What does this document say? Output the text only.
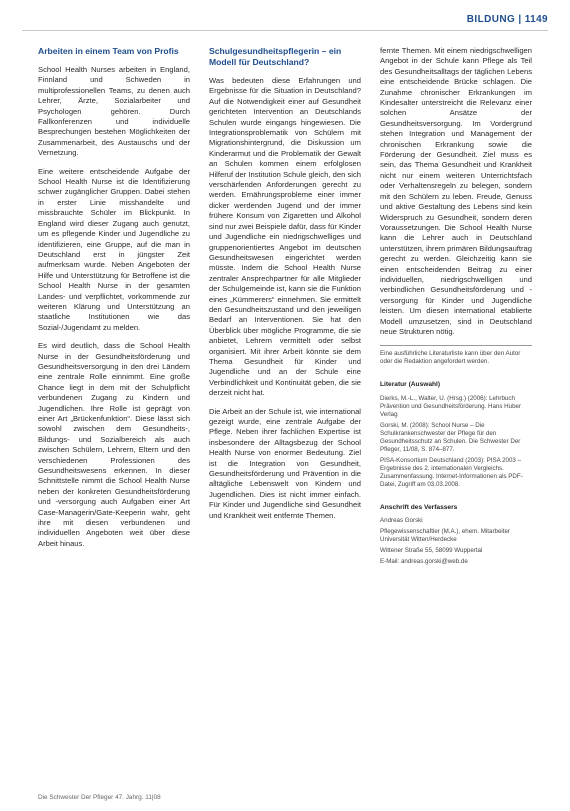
BILDUNG | 1149
Arbeiten in einem Team von Profis
School Health Nurses arbeiten in England, Finnland und Schweden in multiprofessionellen Teams, zu denen auch Lehrer, Ärzte, Sozialarbeiter und Psychologen gehören. Durch Fallkonferenzen und individuelle Besprechungen bestehen Möglichkeiten der Zusammenarbeit, des Austauschs und der Vernetzung.
Eine weitere entscheidende Aufgabe der School Health Nurse ist die Identifizierung schwer zugänglicher Gruppen. Dabei stehen in erster Linie misshandelte und missbrauchte Schüler im Blickpunkt. In England wird dieser Zugang auch genutzt, um es pflegende Kinder und Jugendliche zu identifizieren, eine Gruppe, auf die man in Deutschland erst in jüngster Zeit aufmerksam wurde. Neben Angeboten der Hilfe und Unterstützung für Betroffene ist die School Health Nurse in der gesamten Landes- und verpflichtet, vorkommende zur weiteren Klärung und Unterstützung an staatliche Institutionen wie das Sozial-/Jugendamt zu melden.
Es wird deutlich, dass die School Health Nurse in der Gesundheitsförderung und Gesundheitsversorgung in den drei Ländern eine zentrale Rolle einnimmt. Eine große Chance liegt in dem mit der Schulpflicht verbundenen Zugang zu Kindern und Jugendlichen. Ihre Rolle ist geprägt von einer Art „Brückenfunktion“. Diese lässt sich sowohl zwischen dem Gesundheits-, Bildungs- und Sozialbereich als auch zwischen Schülern, Lehrern, Eltern und den verschiedenen Professionen des Gesundheitswesens erkennen. In dieser Schnittstelle nimmt die School Health Nurse neben der konkreten Gesundheitsförderung und -versorgung auch Aufgaben einer Art Case-Managerin/Gate-Keeperin wahr, geht ihre mit diesen verbundenen und individuellen Angeboten weit über diese Arbeit hinaus.
Schulgesundheitspflegerin – ein Modell für Deutschland?
Was bedeuten diese Erfahrungen und Ergebnisse für die Situation in Deutschland? Auf die Notwendigkeit einer auf Gesundheit gerichteten Intervention an Deutschlands Schulen wurde eingangs hingewiesen. Die Integrationsproblematik von Schülern mit Migrationshintergrund, die Diskussion um Kinderarmut und die Problematik der Gewalt an Schulen kommen einem erfolglosen Hilferuf der Institution Schule gleich, den sich verschärfenden Anforderungen gerecht zu werden. Ernährungsprobleme einer immer dicker werdenden Jugend und der immer frühere Konsum von Zigaretten und Alkohol sind nur zwei Beispiele dafür, dass für Kinder und Jugendliche ein niedrigschwelliges und gruppenorientiertes Angebot im deutschen Gesundheitswesen eingerichtet werden müsste. Indem die School Health Nurse zentraler Ansprechpartner für alle Mitglieder der Schulgemeinde ist, kann sie die Funktion eines „Kümmerers“ einnehmen. Sie ermittelt den Gesundheitszustand und den jeweiligen Bedarf an Interventionen. Sie hat den Überblick über mögliche Programme, die sie anbietet, Lehrern vermittelt oder selbst organisiert. Mit ihrer Arbeit könnte sie dem Thema Gesundheit für Kinder und Jugendliche und an der Schule eine Verbindlichkeit und Kontinuität geben, die sie derzeit nicht hat.
Die Arbeit an der Schule ist, wie international gezeigt wurde, eine zentrale Aufgabe der Pflege. Neben ihrer fachlichen Expertise ist insbesondere der Alltagsbezug der School Health Nurse von enormer Bedeutung. Ziel ist die Integration von Gesundheit, Gesundheitsförderung und Prävention in die alltägliche Lebenswelt von Kindern und Jugendlichen. Dies ist nicht immer einfach. Für Kinder und Jugendliche sind Gesundheit und Krankheit weit entfernte Themen.
fernte Themen. Mit einem niedrigschwelligen Angebot in der Schule kann Pflege als Teil des Gesundheitsalltags der täglichen Lebens eine entscheidende Brücke schlagen. Die Zunahme chronischer Erkrankungen im Kindesalter unterstreicht die Relevanz einer solchen Ansätze der Gesundheitsversorgung. Im Vordergrund stehen Integration und Management der chronischen Erkrankung sowie die Förderung der Gesundheit. Ziel muss es sein, das Thema Gesundheit und Krankheit nicht nur einem weiteren Unterrichtsfach oder Verhaltensregeln zu belegen, sondern mit den Schülern zu leben. Freude, Genuss und aktive Gestaltung des Lebens sind kein Widerspruch zu Gesundheit, sondern deren Voraussetzungen. Die School Health Nurse kann die Lehrer auch in Deutschland unterstützen, ihrem primären Bildungsauftrag gerecht zu werden. Gleichzeitig kann sie einen entscheidenden Beitrag zu einer individuellen, niedrigschwelligen und verbindlichen Gesundheitsförderung und -versorgung für Kinder und Jugendliche leisten. Um diesen international etablierte Modell umzusetzen, sind in Deutschland neue Strukturen nötig.
Eine ausführliche Literaturliste kann über den Autor oder die Redaktion angefordert werden.
Literatur (Auswahl)
Dierks, M.-L., Walter, U. (Hrsg.) (2006): Lehrbuch Prävention und Gesundheitsförderung. Hans Huber Verlag
Gorski, M. (2008): School Nurse – Die Schulkrankenschwester der Pflege für den Gesundheitsschutz an Schulen. Die Schwester Der Pfleger, 11/08, S. 874–877.
PISA-Konsortium Deutschland (2003): PISA 2003 – Ergebnisse des 2. internationalen Vergleichs. Zusammenfassung. Internet-Informationen als PDF-Datei, Zugriff am 03.03.2008.
Anschrift des Verfassers
Andreas Gorski
Pflegewissenschaftler (M.A.), ehem. Mitarbeiter Universität Witten/Herdecke
Wittener Straße 55, 58099 Wuppertal
E-Mail: andreas.gorski@web.de
Die Schwester Der Pfleger 47. Jahrg. 11|08
